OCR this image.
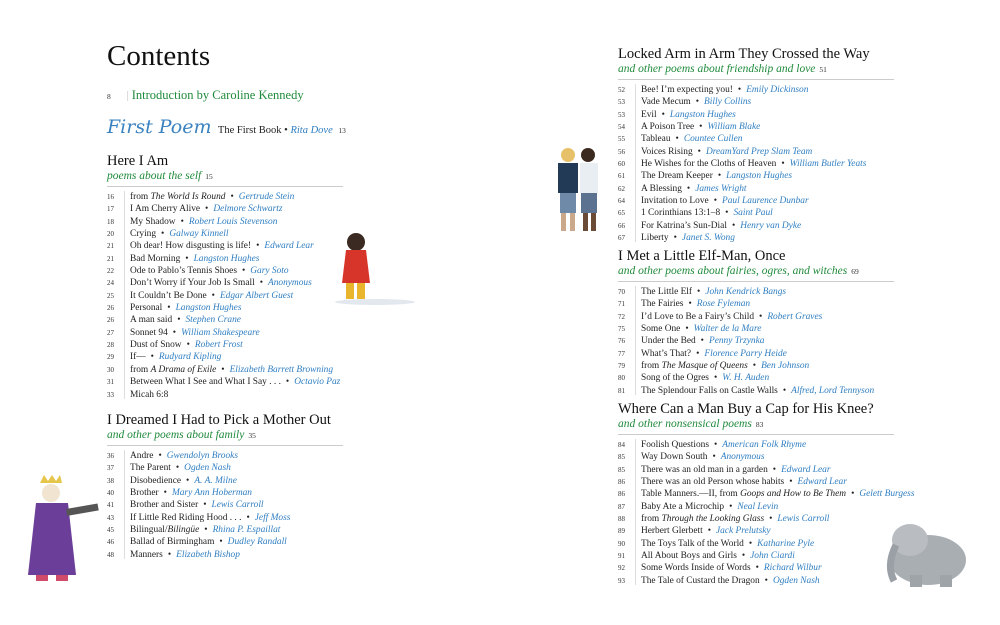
Contents
8 Introduction by Caroline Kennedy
First Poem The First Book • Rita Dove 13
Here I Am
poems about the self 15
16 from The World Is Round • Gertrude Stein
17 I Am Cherry Alive • Delmore Schwartz
18 My Shadow • Robert Louis Stevenson
20 Crying • Galway Kinnell
21 Oh dear! How disgusting is life! • Edward Lear
21 Bad Morning • Langston Hughes
22 Ode to Pablo’s Tennis Shoes • Gary Soto
24 Don’t Worry if Your Job Is Small • Anonymous
25 It Couldn’t Be Done • Edgar Albert Guest
26 Personal • Langston Hughes
26 A man said • Stephen Crane
27 Sonnet 94 • William Shakespeare
28 Dust of Snow • Robert Frost
29 If— • Rudyard Kipling
30 from A Drama of Exile • Elizabeth Barrett Browning
31 Between What I See and What I Say . . . • Octavio Paz
33 Micah 6:8
I Dreamed I Had to Pick a Mother Out
and other poems about family 35
36 Andre • Gwendolyn Brooks
37 The Parent • Ogden Nash
38 Disobedience • A. A. Milne
40 Brother • Mary Ann Hoberman
41 Brother and Sister • Lewis Carroll
43 If Little Red Riding Hood . . . • Jeff Moss
45 Bilingual/Bilingüe • Rhina P. Espaillat
46 Ballad of Birmingham • Dudley Randall
48 Manners • Elizabeth Bishop
Locked Arm in Arm They Crossed the Way
and other poems about friendship and love 51
52 Bee! I’m expecting you! • Emily Dickinson
53 Vade Mecum • Billy Collins
53 Evil • Langston Hughes
54 A Poison Tree • William Blake
55 Tableau • Countee Cullen
56 Voices Rising • DreamYard Prep Slam Team
60 He Wishes for the Cloths of Heaven • William Butler Yeats
61 The Dream Keeper • Langston Hughes
62 A Blessing • James Wright
64 Invitation to Love • Paul Laurence Dunbar
65 1 Corinthians 13:1–8 • Saint Paul
66 For Katrina’s Sun-Dial • Henry van Dyke
67 Liberty • Janet S. Wong
I Met a Little Elf-Man, Once
and other poems about fairies, ogres, and witches 69
70 The Little Elf • John Kendrick Bangs
71 The Fairies • Rose Fyleman
72 I’d Love to Be a Fairy’s Child • Robert Graves
75 Some One • Walter de la Mare
76 Under the Bed • Penny Trzynka
77 What’s That? • Florence Parry Heide
79 from The Masque of Queens • Ben Johnson
80 Song of the Ogres • W. H. Auden
81 The Splendour Falls on Castle Walls • Alfred, Lord Tennyson
Where Can a Man Buy a Cap for His Knee?
and other nonsensical poems 83
84 Foolish Questions • American Folk Rhyme
85 Way Down South • Anonymous
85 There was an old man in a garden • Edward Lear
86 There was an old Person whose habits • Edward Lear
86 Table Manners.—II, from Goops and How to Be Them • Gelett Burgess
87 Baby Ate a Microchip • Neal Levin
88 from Through the Looking Glass • Lewis Carroll
89 Herbert Glerbett • Jack Prelutsky
90 The Toys Talk of the World • Katharine Pyle
91 All About Boys and Girls • John Ciardi
92 Some Words Inside of Words • Richard Wilbur
93 The Tale of Custard the Dragon • Ogden Nash
